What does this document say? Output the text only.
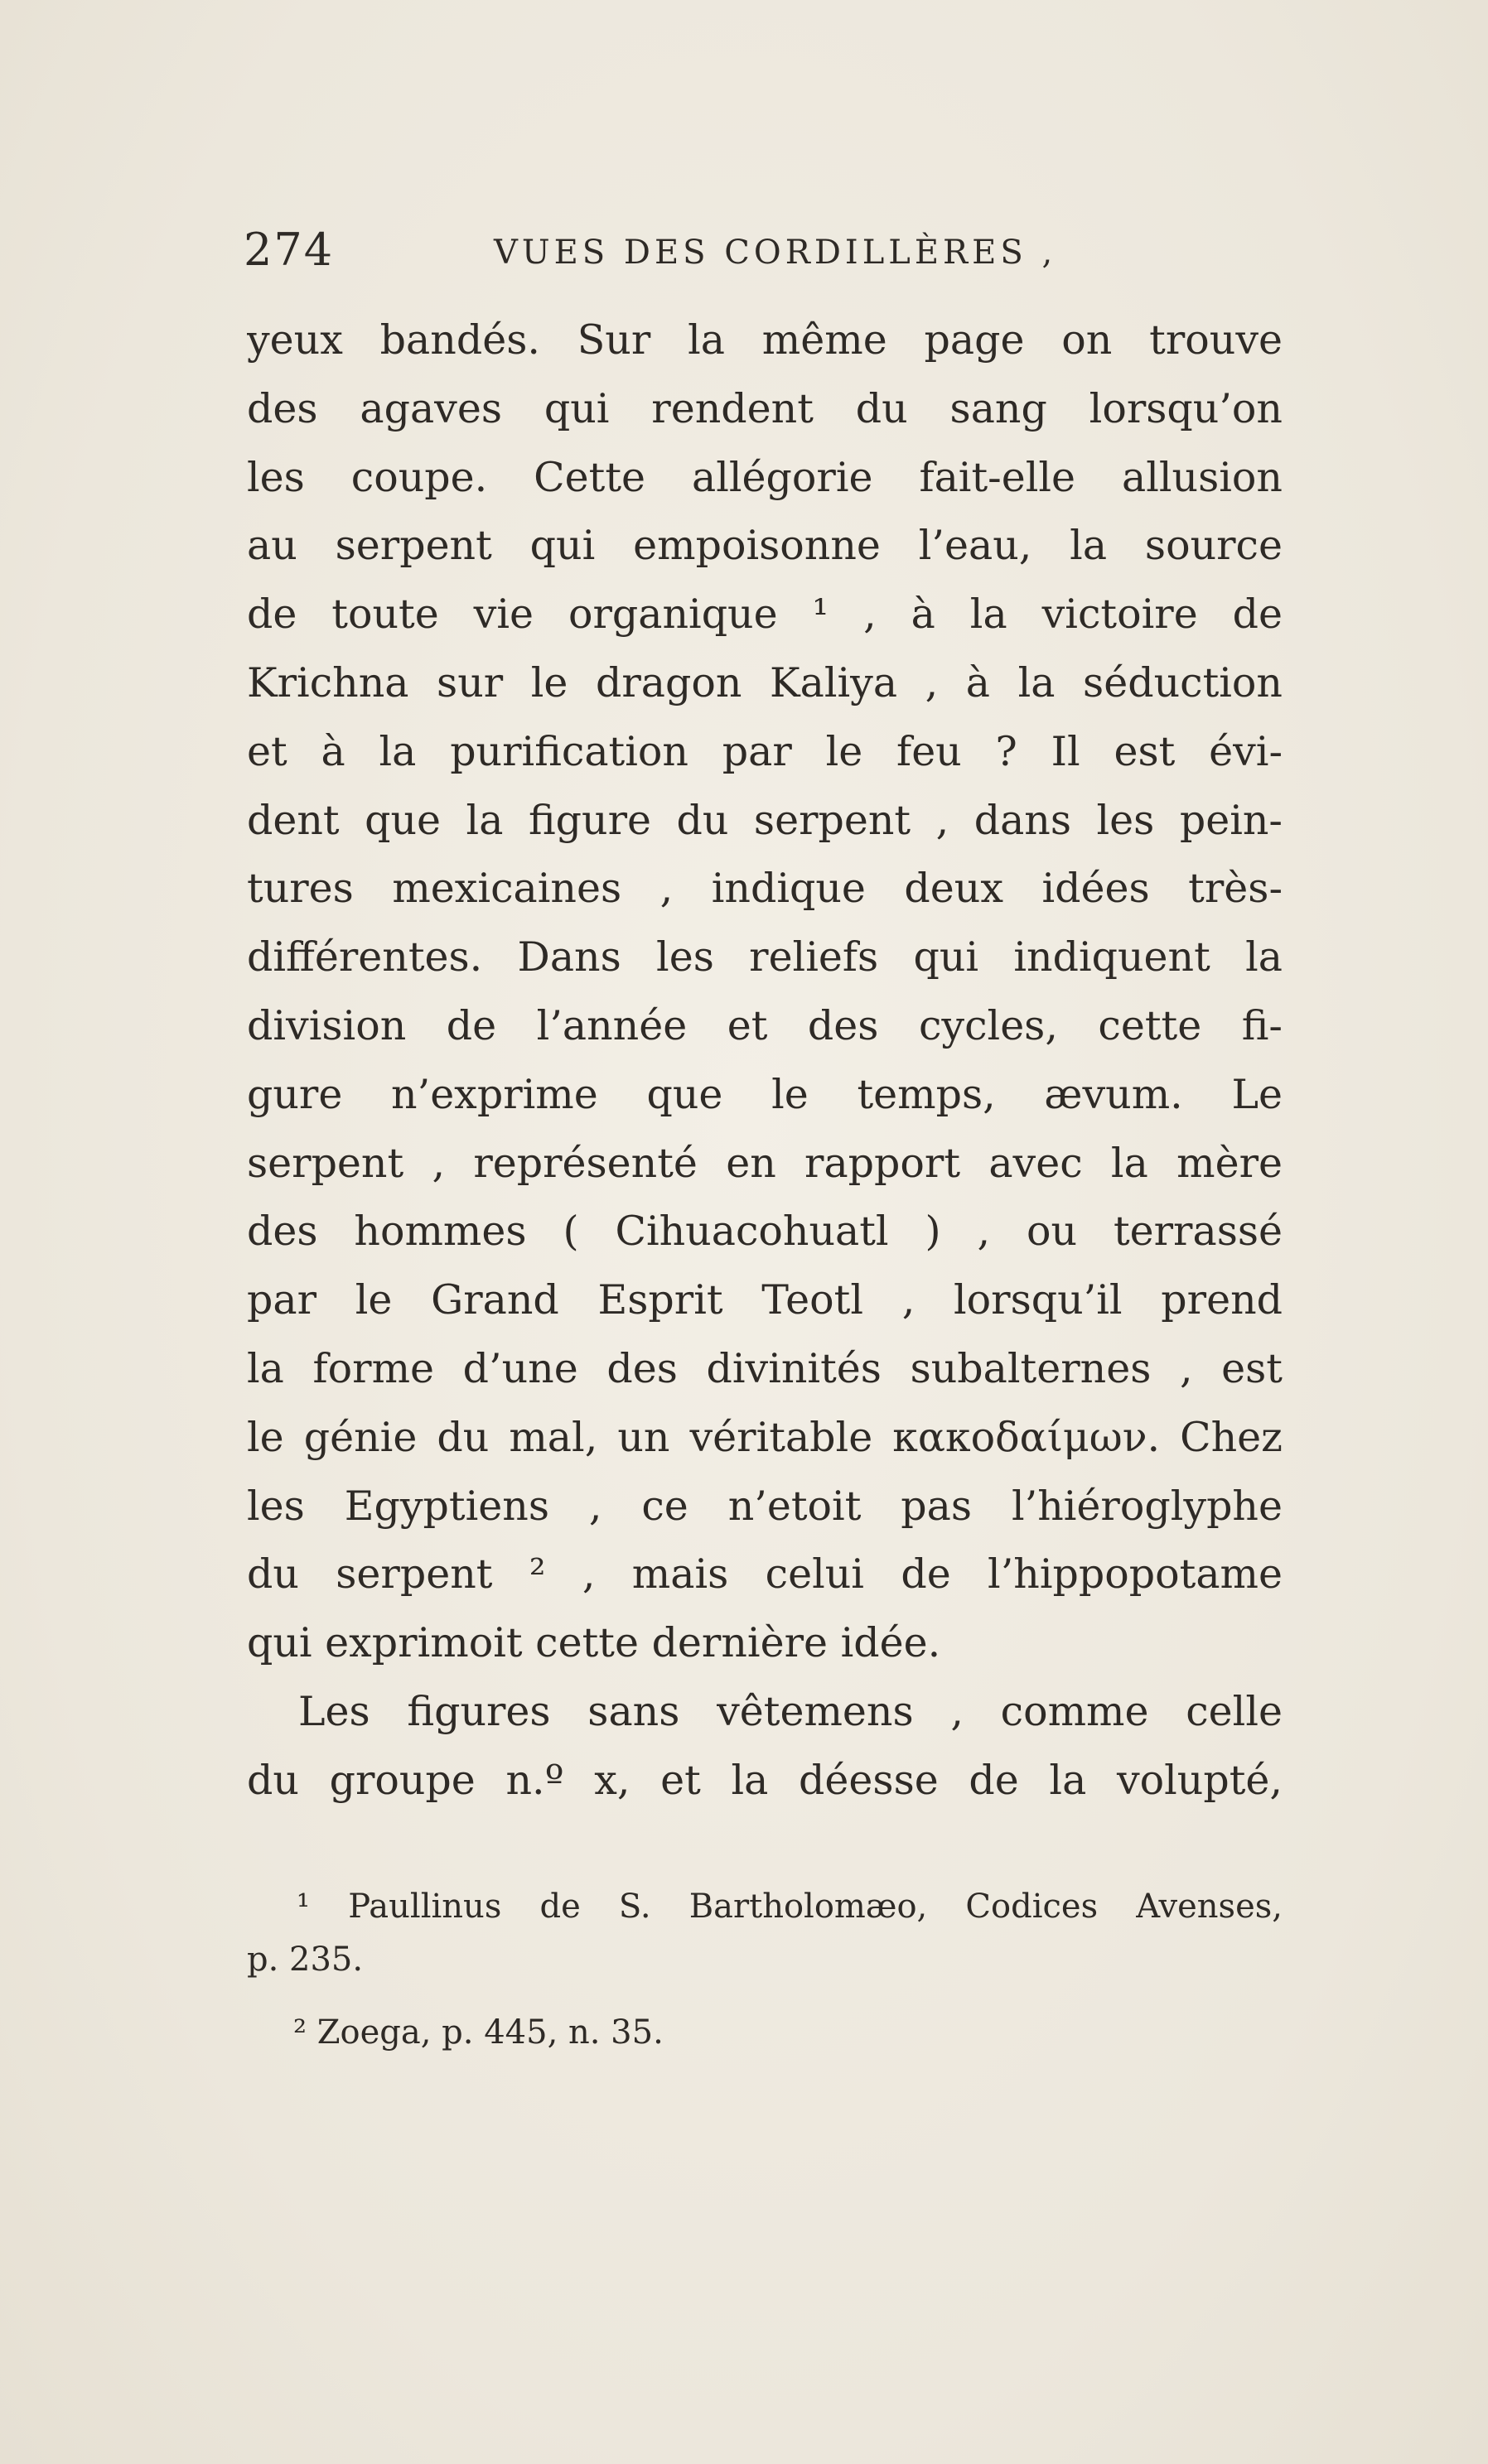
274	VUES DES CORDILLÈRES ,
yeux bandés. Sur la même page on trouve
des agaves qui rendent du sang lorsqu’on
les coupe. Cette allégorie fait-elle allusion
au serpent qui empoisonne l’eau, la source
de toute vie organique ¹ , à la victoire de
Krichna sur le dragon Kaliya , à la séduction
et à la purification par le feu ? Il est évi-
dent que la figure du serpent , dans les pein-
tures mexicaines , indique deux idées très-
différentes. Dans les reliefs qui indiquent la
division de l’année et des cycles, cette fi-
gure n’exprime que le temps, ævum. Le
serpent , représenté en rapport avec la mère
des hommes ( Cihuacohuatl ) , ou terrassé
par le Grand Esprit Teotl , lorsqu’il prend
la forme d’une des divinités subalternes , est
le génie du mal, un véritable κακοδαίμων. Chez
les Egyptiens , ce n’etoit pas l’hiéroglyphe
du serpent ² , mais celui de l’hippopotame
qui exprimoit cette dernière idée.
Les figures sans vêtemens , comme celle
du groupe n.º x, et la déesse de la volupté,
¹ Paullinus de S. Bartholomæo, Codices Avenses,
p. 235.
² Zoega, p. 445, n. 35.
